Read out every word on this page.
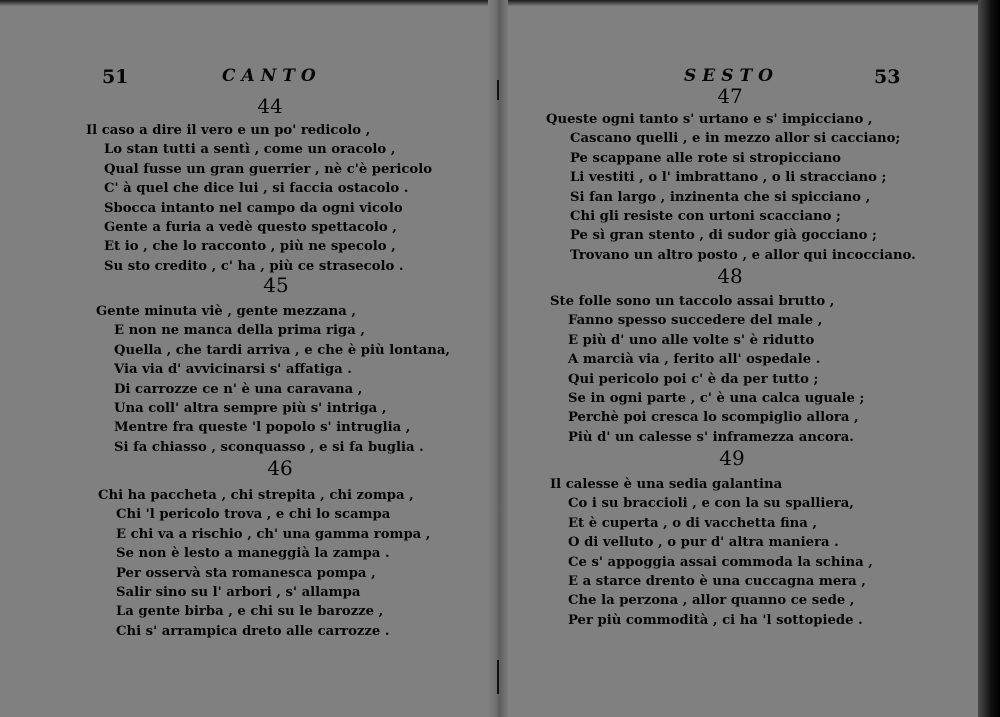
51	CANTO
44
Il caso a dire il vero e un po' redicolo ,
Lo stan tutti a sentì , come un oracolo ,
Qual fusse un gran guerrier , nè c'è pericolo
C' à quel che dice lui , si faccia ostacolo .
Sbocca intanto nel campo da ogni vicolo
Gente a furia a vedè questo spettacolo ,
Et io , che lo racconto , più ne specolo ,
Su sto credito , c' ha , più ce strasecolo .
45
Gente minuta viè , gente mezzana ,
E non ne manca della prima riga ,
Quella , che tardi arriva , e che è più lontana,
Via via d' avvicinarsi s' affatiga .
Di carrozze ce n' è una caravana ,
Una coll' altra sempre più s' intriga ,
Mentre fra queste 'l popolo s' intruglia ,
Si fa chiasso , sconquasso , e si fa buglia .
46
Chi ha paccheta , chi strepita , chi zompa ,
Chi 'l pericolo trova , e chi lo scampa
E chi va a rischio , ch' una gamma rompa ,
Se non è lesto a maneggià la zampa .
Per osservà sta romanesca pompa ,
Salir sino su l' arbori , s' allampa
La gente birba , e chi su le barozze ,
Chi s' arrampica dreto alle carrozze .
SESTO	53
47
Queste ogni tanto s' urtano e s' impicciano ,
Cascano quelli , e in mezzo allor si cacciano;
Pe scappane alle rote si stropicciano
Li vestiti , o l' imbrattano , o li stracciano ;
Si fan largo , inzinenta che si spicciano ,
Chi gli resiste con urtoni scacciano ;
Pe sì gran stento , di sudor già gocciano ;
Trovano un altro posto , e allor qui incocciano.
48
Ste folle sono un taccolo assai brutto ,
Fanno spesso succedere del male ,
E più d' uno alle volte s' è ridutto
A marcià via , ferito all' ospedale .
Qui pericolo poi c' è da per tutto ;
Se in ogni parte , c' è una calca uguale ;
Perchè poi cresca lo scompiglio allora ,
Più d' un calesse s' inframezza ancora.
49
Il calesse è una sedia galantina
Co i su braccioli , e con la su spalliera,
Et è cuperta , o di vacchetta fina ,
O di velluto , o pur d' altra maniera .
Ce s' appoggia assai commoda la schina ,
E a starce drento è una cuccagna mera ,
Che la perzona , allor quanno ce sede ,
Per più commodità , ci ha 'l sottopiede .
